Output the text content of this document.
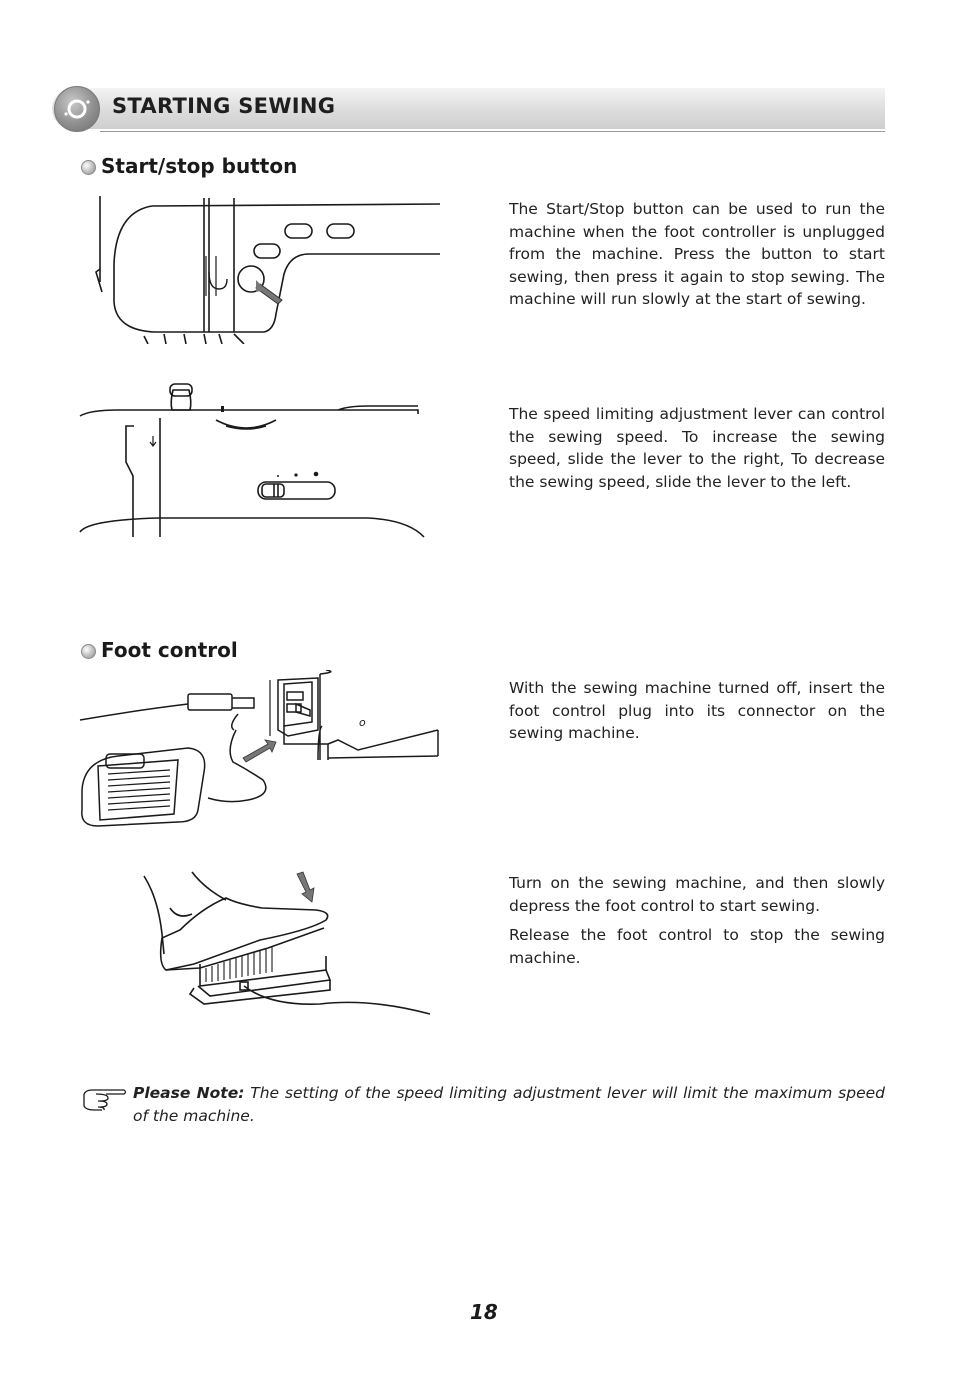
STARTING SEWING
Start/stop button

The Start/Stop button can be used to run the machine when the foot controller is unplugged from the machine. Press the button to start sewing, then press it again to stop sewing. The machine will run slowly at the start of sewing.

The speed limiting adjustment lever can control the sewing speed. To increase the sewing speed, slide the lever to the right, To decrease the sewing speed, slide the lever to the left.

Foot control
o

With the sewing machine turned off, insert the foot control plug into its connector on the sewing machine.

Turn on the sewing machine, and then slowly depress the foot control to start sewing.

Release the foot control to stop the sewing machine.

Please Note: The setting of the speed limiting adjustment lever will limit the maximum speed of the machine.
18
